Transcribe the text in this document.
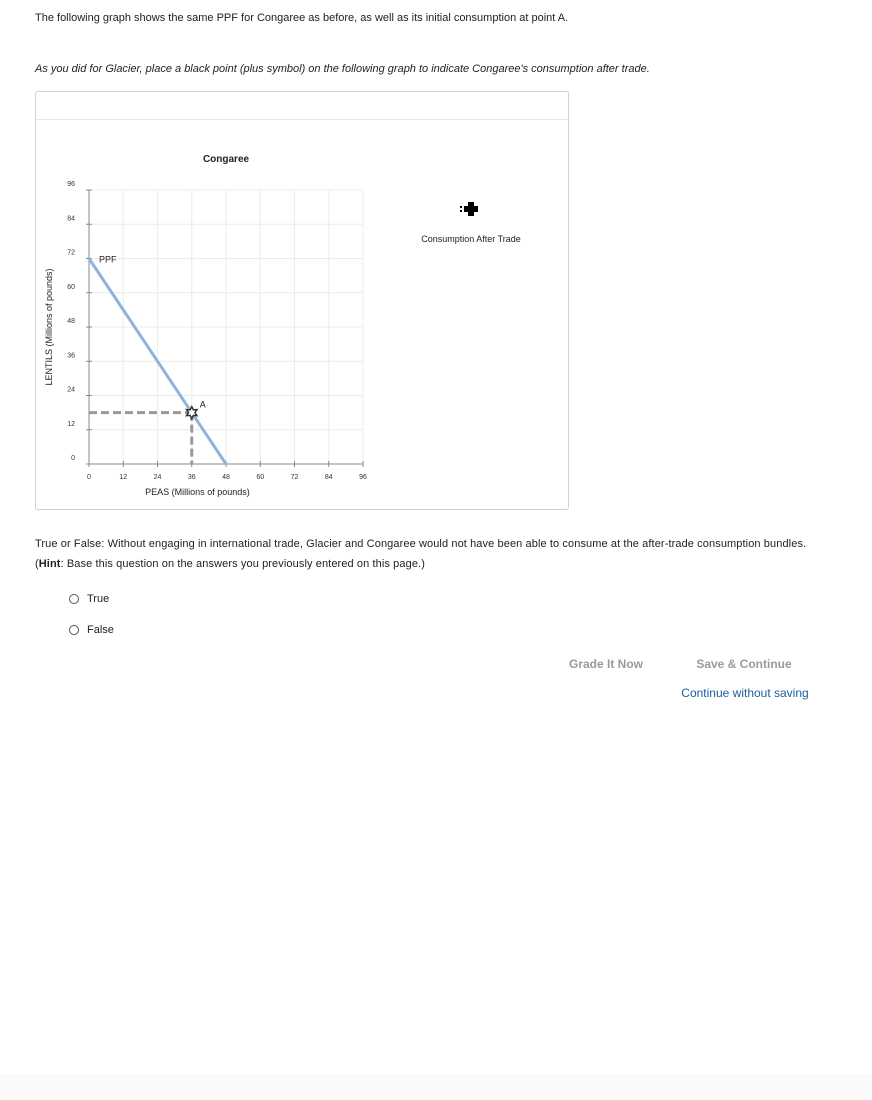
The following graph shows the same PPF for Congaree as before, as well as its initial consumption at point A.

As you did for Glacier, place a black point (plus symbol) on the following graph to indicate Congaree's consumption after trade.

Congaree
0	12	24	36	48	60	72	84	96
0
12
24
36
48
60
72
84
96
PEAS (Millions of pounds)
LENTILS (Millions of pounds)
PPF
A
Consumption After Trade

True or False: Without engaging in international trade, Glacier and Congaree would not have been able to consume at the after-trade consumption bundles. (Hint: Base this question on the answers you previously entered on this page.)

True
False
Grade It Now	Save & Continue
Continue without saving
